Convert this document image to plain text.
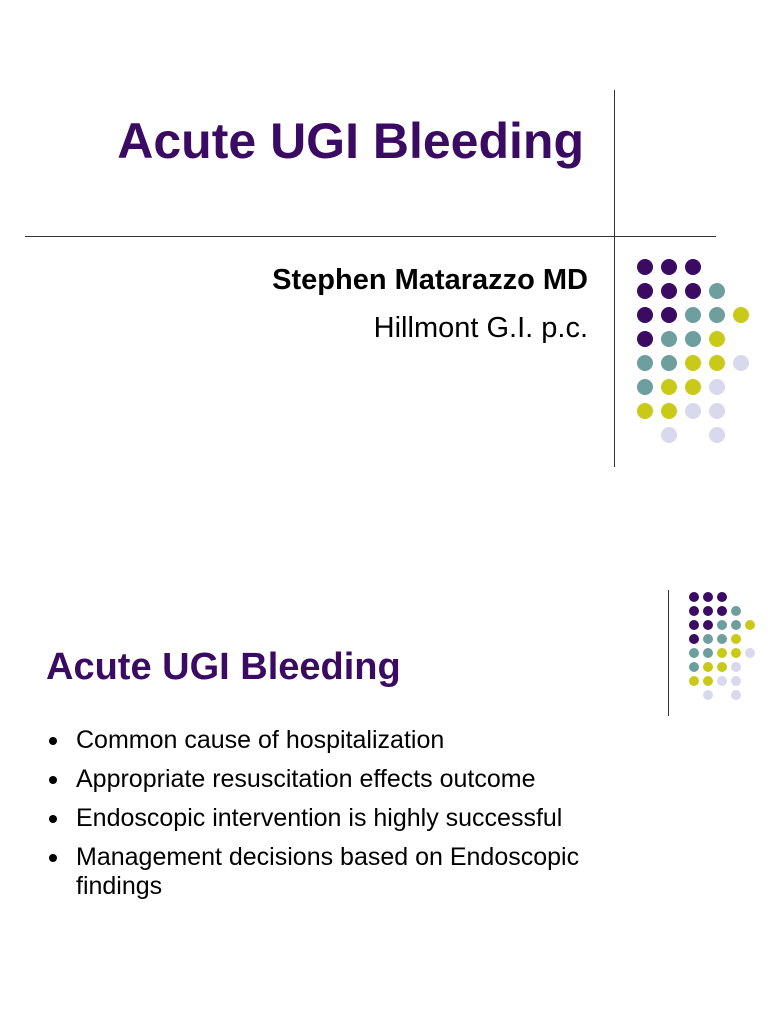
Acute UGI Bleeding
Stephen Matarazzo MD
Hillmont G.I. p.c.
Acute UGI Bleeding
Common cause of hospitalization
Appropriate resuscitation effects outcome
Endoscopic intervention is highly successful
Management decisions based on Endoscopic findings
